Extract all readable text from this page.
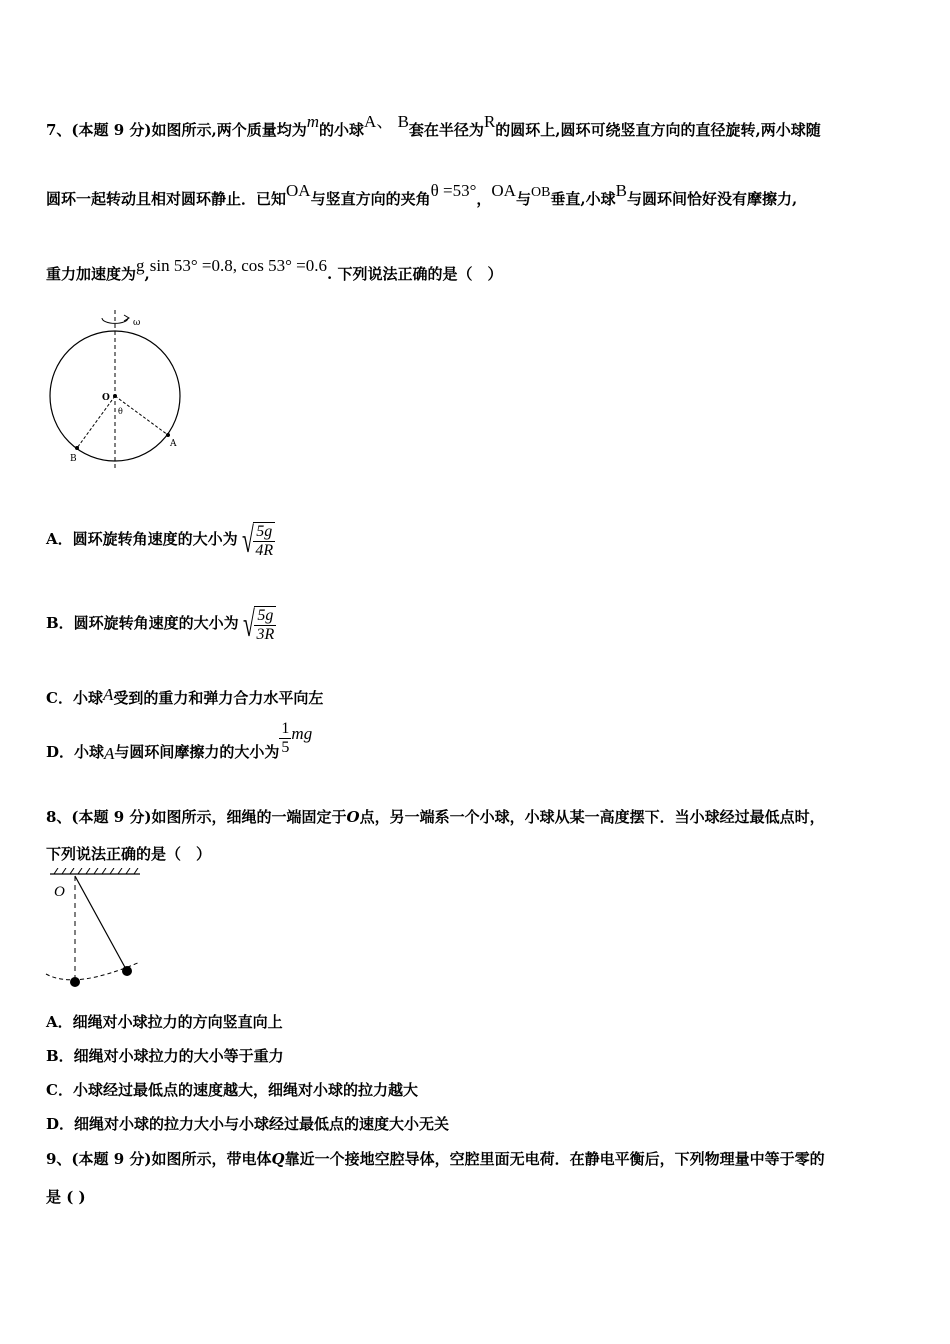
7、(本题 9 分)如图所示,两个质量均为m的小球A、 B套在半径为R的圆环上,圆环可绕竖直方向的直径旋转,两小球随
圆环一起转动且相对圆环静止．已知OA与竖直方向的夹角θ =53°，OA与OB垂直,小球B与圆环间恰好没有摩擦力,
重力加速度为g,sin 53° =0.8, cos 53° =0.6. 下列说法正确的是（　）
ω
O
θ
A
B
A．圆环旋转角速度的大小为 √ $\frac{5g}{4R}$
B．圆环旋转角速度的大小为 √ $\frac{5g}{3R}$
C．小球A受到的重力和弹力合力水平向左
D．小球A与圆环间摩擦力的大小为 $\frac{1}{5}$ mg
8、(本题 9 分)如图所示，细绳的一端固定于O点，另一端系一个小球，小球从某一高度摆下．当小球经过最低点时，
下列说法正确的是（　）
O
A．细绳对小球拉力的方向竖直向上
B．细绳对小球拉力的大小等于重力
C．小球经过最低点的速度越大，细绳对小球的拉力越大
D．细绳对小球的拉力大小与小球经过最低点的速度大小无关
9、(本题 9 分)如图所示，带电体Q靠近一个接地空腔导体，空腔里面无电荷．在静电平衡后，下列物理量中等于零的
是 ( )
